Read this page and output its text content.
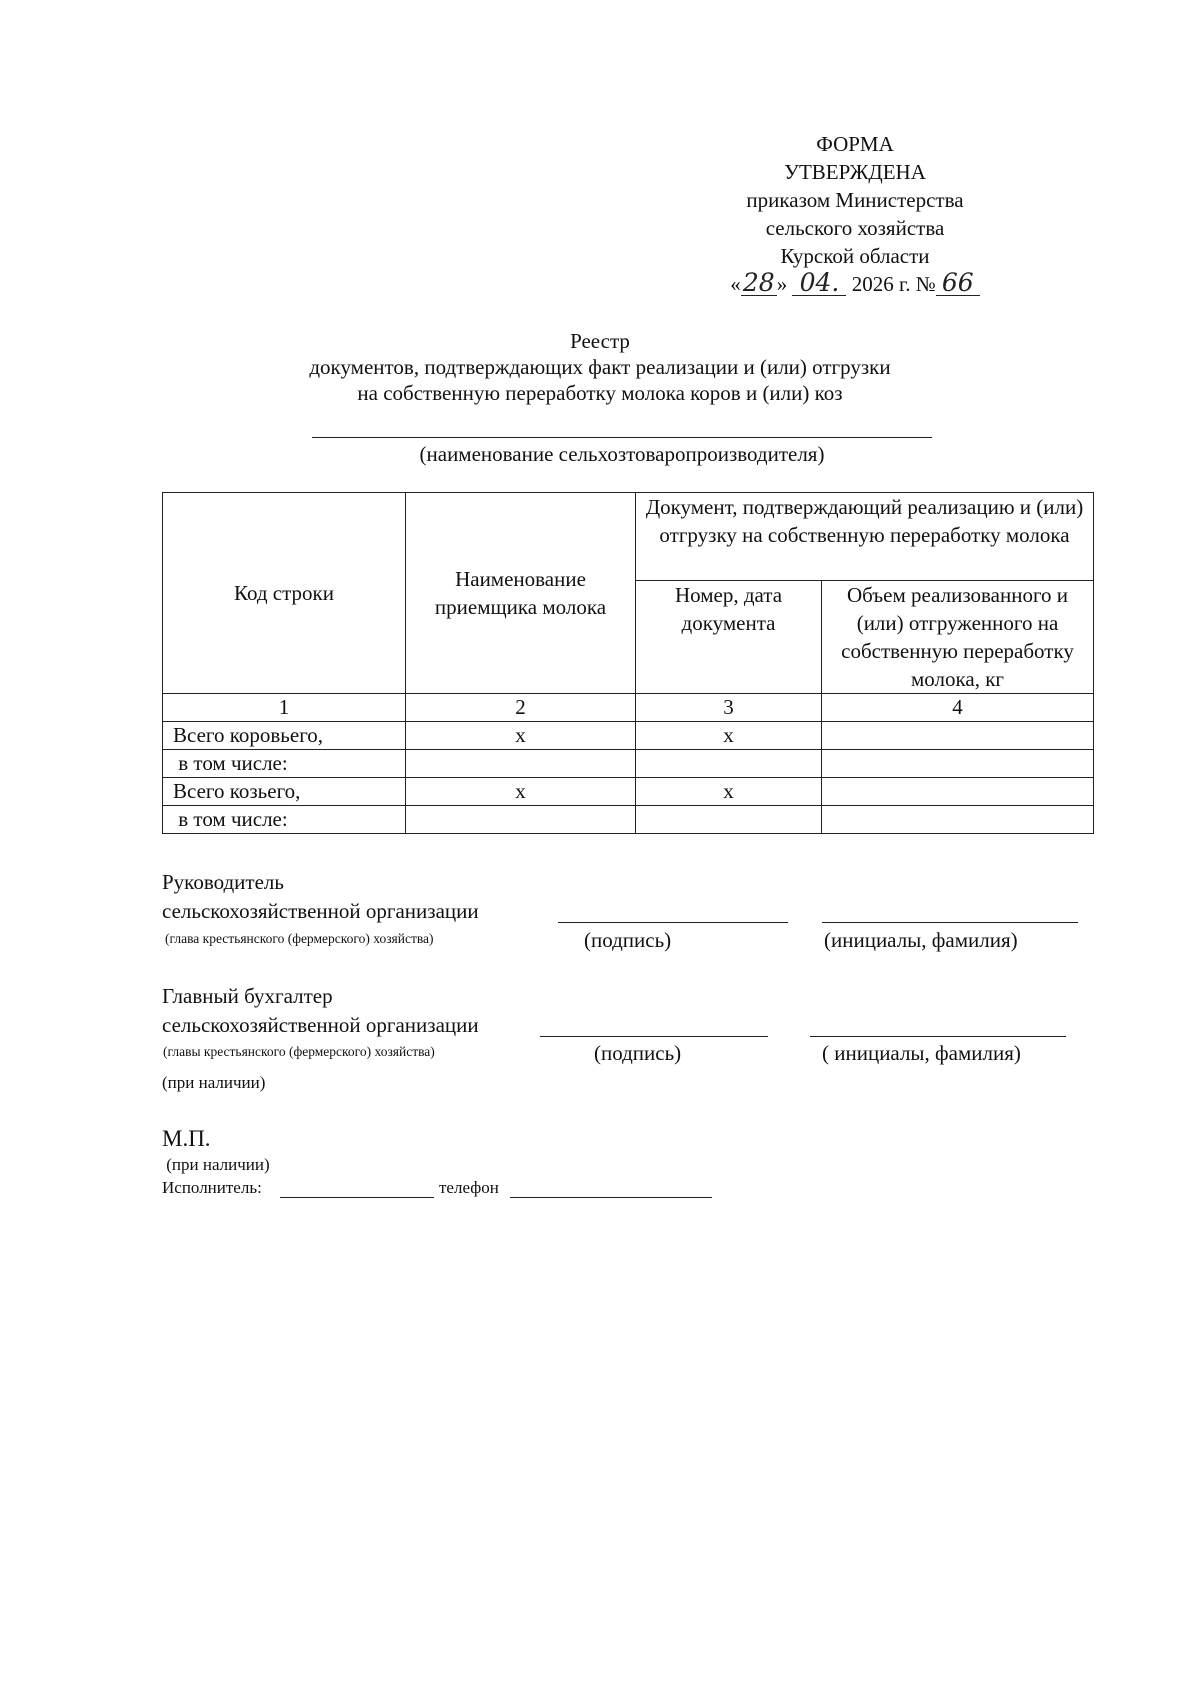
ФОРМА
УТВЕРЖДЕНА
приказом Министерства
сельского хозяйства
Курской области
«28» 04. 2026 г. № 66
Реестр
документов, подтверждающих факт реализации и (или) отгрузки
на собственную переработку молока коров и (или) коз
(наименование сельхозтоваропроизводителя)
Код строки	Наименование приемщика молока	Документ, подтверждающий реализацию и (или) отгрузку на собственную переработку молока	
		Номер, дата документа	Объем реализованного и (или) отгруженного на собственную переработку молока, кг
1	2	3	4
Всего коровьего,	х	х	
в том числе:			
Всего козьего,	х	х	
в том числе:			
Руководитель
сельскохозяйственной организации
(глава крестьянского (фермерского) хозяйства)	(подпись)	(инициалы, фамилия)
Главный бухгалтер
сельскохозяйственной организации
(главы крестьянского (фермерского) хозяйства)	(подпись)	( инициалы, фамилия)
(при наличии)
М.П.
(при наличии)
Исполнитель:	телефон
